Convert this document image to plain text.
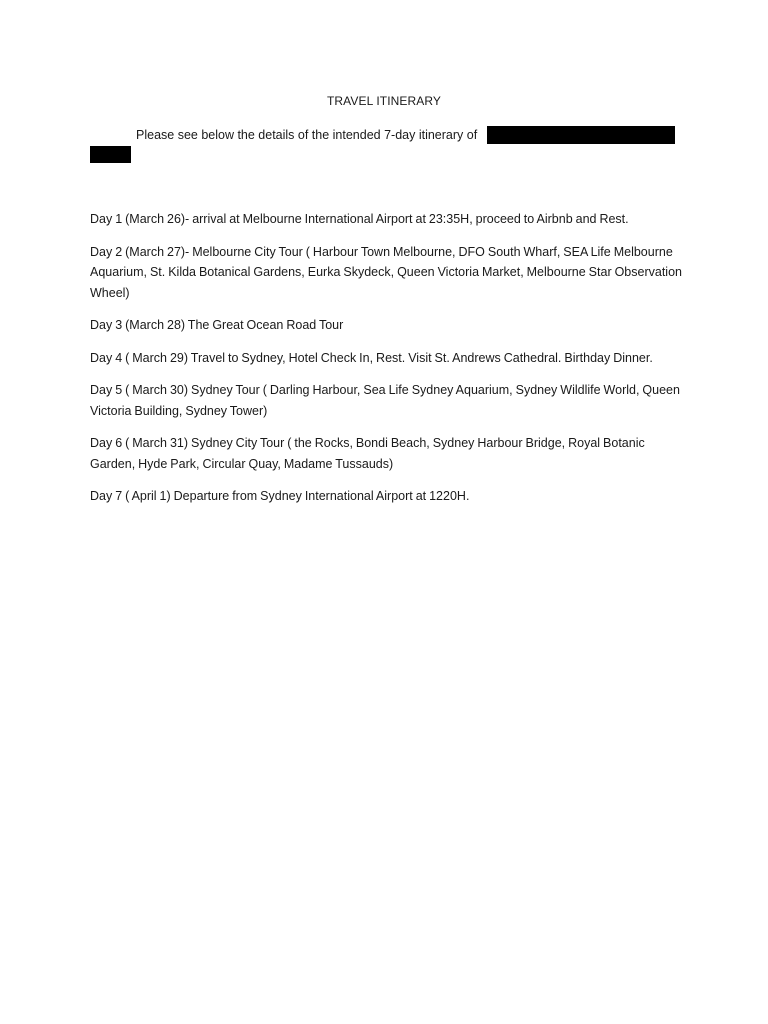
TRAVEL ITINERARY
Please see below the details of the intended 7-day itinerary of

Day 1 (March 26)- arrival at Melbourne International Airport at 23:35H, proceed to Airbnb and Rest.

Day 2 (March 27)- Melbourne City Tour ( Harbour Town Melbourne, DFO South Wharf, SEA Life Melbourne Aquarium, St. Kilda Botanical Gardens, Eurka Skydeck, Queen Victoria Market, Melbourne Star Observation Wheel)

Day 3 (March 28) The Great Ocean Road Tour

Day 4 ( March 29) Travel to Sydney, Hotel Check In, Rest. Visit St. Andrews Cathedral. Birthday Dinner.

Day 5 ( March 30) Sydney Tour ( Darling Harbour, Sea Life Sydney Aquarium, Sydney Wildlife World, Queen Victoria Building, Sydney Tower)

Day 6 ( March 31) Sydney City Tour ( the Rocks, Bondi Beach, Sydney Harbour Bridge, Royal Botanic Garden, Hyde Park, Circular Quay, Madame Tussauds)

Day 7 ( April 1) Departure from Sydney International Airport at 1220H.
